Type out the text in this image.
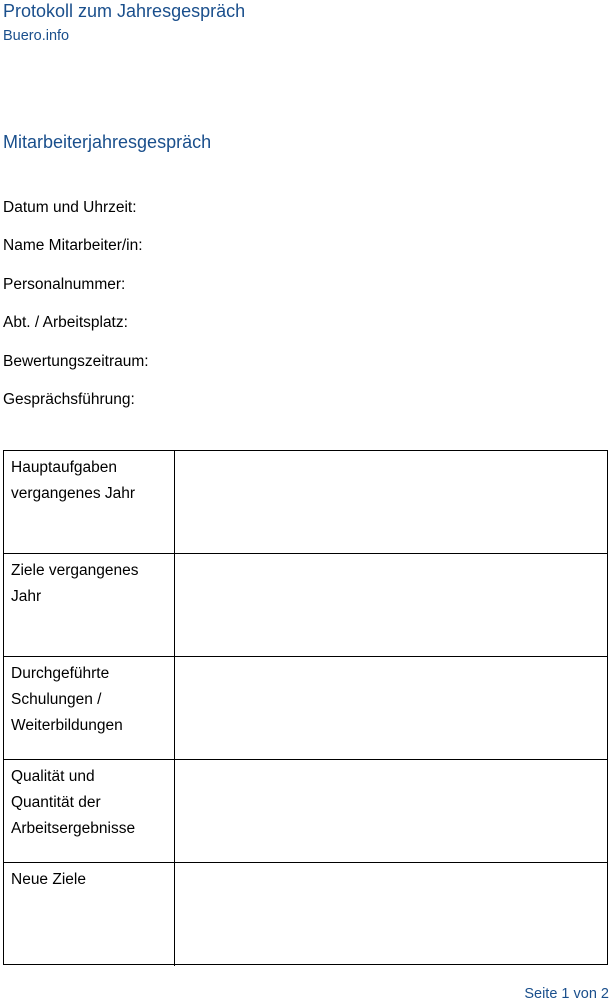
Protokoll zum Jahresgespräch
Buero.info
Mitarbeiterjahresgespräch
Datum und Uhrzeit:
Name Mitarbeiter/in:
Personalnummer:
Abt. / Arbeitsplatz:
Bewertungszeitraum:
Gesprächsführung:
Hauptaufgaben
vergangenes Jahr
Ziele vergangenes
Jahr
Durchgeführte
Schulungen /
Weiterbildungen
Qualität und
Quantität der
Arbeitsergebnisse
Neue Ziele
Seite 1 von 2
